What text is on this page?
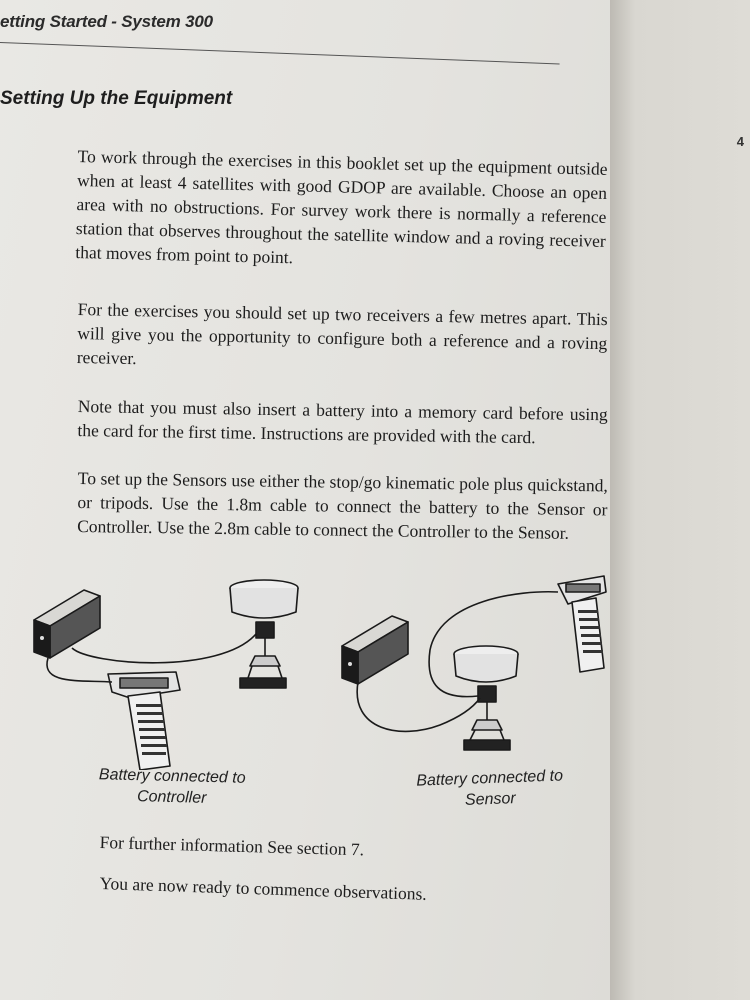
etting Started - System 300
Setting Up the Equipment

To work through the exercises in this booklet set up the equipment outside when at least 4 satellites with good GDOP are available. Choose an open area with no obstructions. For survey work there is normally a reference station that observes throughout the satellite window and a roving receiver that moves from point to point.

For the exercises you should set up two receivers a few metres apart. This will give you the opportunity to configure both a reference and a roving receiver.

Note that you must also insert a battery into a memory card before using the card for the first time. Instructions are provided with the card.

To set up the Sensors use either the stop/go kinematic pole plus quickstand, or tripods. Use the 1.8m cable to connect the battery to the Sensor or Controller. Use the 2.8m cable to connect the Controller to the Sensor.

Battery connected to Controller
Battery connected to Sensor

For further information See section 7.

You are now ready to commence observations.

4
